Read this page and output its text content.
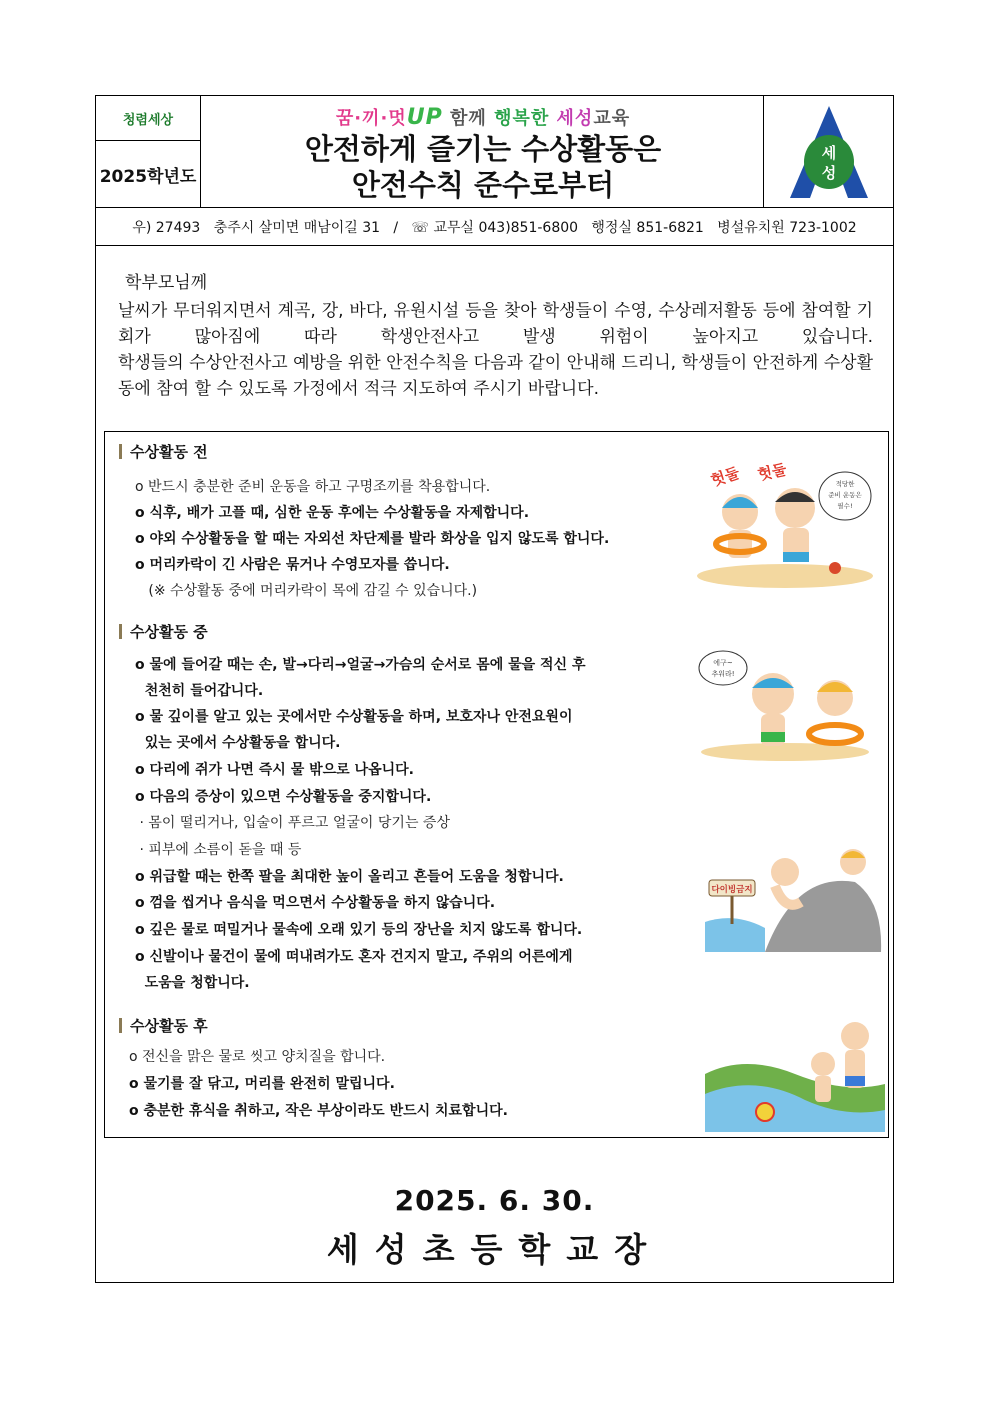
청렴세상
2025학년도
꿈·끼·멋UP 함께 행복한 세성교육
안전하게 즐기는 수상활동은
안전수칙 준수로부터
세
성
우) 27493   충주시 살미면 매남이길 31   /   ☏ 교무실 043)851-6800   행정실 851-6821   병설유치원 723-1002
학부모님께
날씨가 무더워지면서 계곡, 강, 바다, 유원시설 등을 찾아 학생들이 수영, 수상레저활동 등에 참여할 기회가 많아짐에 따라 학생안전사고 발생 위험이 높아지고 있습니다.
학생들의 수상안전사고 예방을 위한 안전수칙을 다음과 같이 안내해 드리니, 학생들이 안전하게 수상활동에 참여 할 수 있도록 가정에서 적극 지도하여 주시기 바랍니다.
수상활동 전
o 반드시 충분한 준비 운동을 하고 구명조끼를 착용합니다.
o 식후, 배가 고플 때, 심한 운동 후에는 수상활동을 자제합니다.
o 야외 수상활동을 할 때는 자외선 차단제를 발라 화상을 입지 않도록 합니다.
o 머리카락이 긴 사람은 묶거나 수영모자를 씁니다.
(※ 수상활동 중에 머리카락이 목에 감길 수 있습니다.)
적당한
준비 운동은
필수!
헛둘 헛둘
수상활동 중
o 물에 들어갈 때는 손, 발→다리→얼굴→가슴의 순서로 몸에 물을 적신 후
천천히 들어갑니다.
o 물 깊이를 알고 있는 곳에서만 수상활동을 하며, 보호자나 안전요원이
있는 곳에서 수상활동을 합니다.
o 다리에 쥐가 나면 즉시 물 밖으로 나옵니다.
o 다음의 증상이 있으면 수상활동을 중지합니다.
· 몸이 떨리거나, 입술이 푸르고 얼굴이 당기는 증상
· 피부에 소름이 돋을 때 등
o 위급할 때는 한쪽 팔을 최대한 높이 올리고 흔들어 도움을 청합니다.
o 껌을 씹거나 음식을 먹으면서 수상활동을 하지 않습니다.
o 깊은 물로 떠밀거나 물속에 오래 있기 등의 장난을 치지 않도록 합니다.
o 신발이나 물건이 물에 떠내려가도 혼자 건지지 말고, 주위의 어른에게
도움을 청합니다.
에구~
추워라!
다이빙금지
수상활동 후
o 전신을 맑은 물로 씻고 양치질을 합니다.
o 물기를 잘 닦고, 머리를 완전히 말립니다.
o 충분한 휴식을 취하고, 작은 부상이라도 반드시 치료합니다.
2025. 6. 30.
세성초등학교장
